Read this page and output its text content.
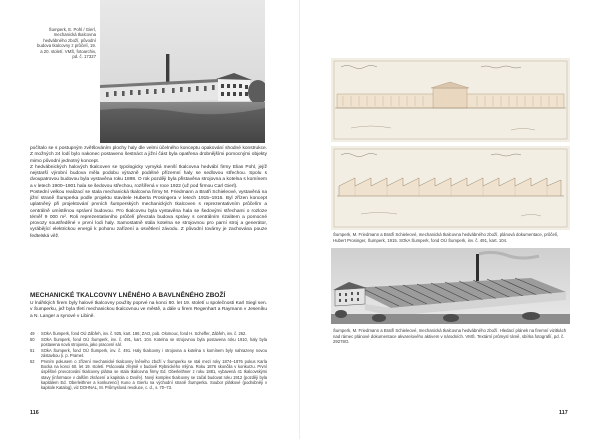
Šumperk, E. Pohl / Gierl, mechanická tkalcovna hedvábného zboží, původní budova tkalcovny z průčelí, 19. a 20. století. VMŠ, fotoarchiv, pd. č. 17327

počítalo se s postupným zvětšováním plochy haly dle velmi účelného konceptu opakování shodné konstrukce. Z možných 24 lodí bylo nakonec postaveno šestnáct a jižní část byla opatřena drobnějšími pomocnými objekty mimo původní jednotný koncept.

Z hedvábnických halových tkalcoven se typologicky vymyká menší tkalcovna hedvábí firmy Elias Pohl, jejíž nejstarší výrobní budova měla podobu výrazně podélné přízemní haly se sedlovou střechou. Spolu s dvoupatrovou budovou byla vystavěna roku 1898. O rok později byla přistavěna strojovna a kotelna s komínem a v letech 1900–1901 hala se šedovou střechou, rozšířená v roce 1922 (už pod firmou Carl Gierl).

Postední velkou realizací se stala mechanická tkalcovna firmy M. Friedmann a Bratři Schieleové, vystavěná na jižní straně Šumperka podle projektu stavitele Huberta Prosingera v letech 1915–1916. Byl zřízen koncept uplatněný při projektování prvních šumperských mechanických tkalcoven s reprezentativním průčelím a centrálně umístěnou správní budovou. Pro tkalcovnu byla vystavěna hala se šedovými střechami o rozloze téměř 9 000 m². Roli reprezentativního průčelí převzala budova správy s centrálním rizalitem a pomocné provozy soustředěné v první lodi haly. Samostatně stála kotelna se strojovnou pro parní stroj a generátor, vyrábějící elektrickou energii k pohonu zařízení a osvětlení závodu. Z původní továrny je zachována pouze fedtelská věž.

MECHANICKÉ TKALCOVNY LNĚNÉHO A BAVLNĚNÉHO ZBOŽÍ

U lnářských firem byly halové tkalcovny použity poprvé na konci 80. let 19. století u společnosti Karl Siegl sen. v Šumperku, jež byla třetí mechanickou tkalcovnou ve městě, a dále u firem Regenhart a Raymann v Jeseníku a N. Langer a synové v Libině.

49	SOkA Šumperk, fond OÚ Zábřeh, inv. č. 925, kart. 186; ZAO, pob. Olomouc, fond H. Scheffer, Zábřeh, inv. č. 262.
50	SOkA Šumperk, fond OÚ Šumperk, inv. č. 491, kart. 104. Kotelna se strojovnou byla postavena roku 1910, haly byla postavena nová strojovna, jako pracovní sál.
51	SOkA Šumperk, fond OÚ Šumperk, inv. č. 491. Haly tkalcovny i strojovna a kotelna s komínem byly nahrazeny novou zástavbou (i. p. Pramet.
52	Prvním pokusem o zřízení mechanické tkalcovny lněného zboží v Šumperku se stal mezi roky 1874–1876 pokus Karla Bocka na konci 60. let 19. století. Prácovala zřejmě v budově Rybnického mlýna. Roku 1876 skončila v konkurzu. První úspěšné provozování tkalcovny plátna se stala tkalcovna firmy Ed. Oberleithner z roku 1881, vybavená 41 tkalcovskými stavy (informace v dalším zkrácení a kapitola o Dvoře). Nový komplex tkalcovny se začal budovat roku 1912 (později byla kapitálem Ed. Oberleithner a konkurencí) Kuno a Gierlu na východní straně Šumperka. Soubor plátkové (podrobněji v kapitole Katalog), viz DOHNAL, M. Průmyslová revoluce, c. d., s. 70–73.
116
Šumperk, M. Friedmann a Bratři Schieleové, mechanická tkalcovna hedvábného zboží, plánová dokumentace, průčelí, Hubert Prosinger, Šumperk, 1915. SOkA Šumperk, fond OÚ Šumperk, inv. č. 491, kart. 104.
Šumperk, M. Friedmann a Bratři Schieleové, mechanická tkalcovna hedvábného zboží. Hledací plánek na firemní vizitkách nad rámec plánové dokumentace akvarelového aktivem v národních. VMŠ. Textární průmysl rámě, sbírka fotografií, pd. č. 29278O.
117
